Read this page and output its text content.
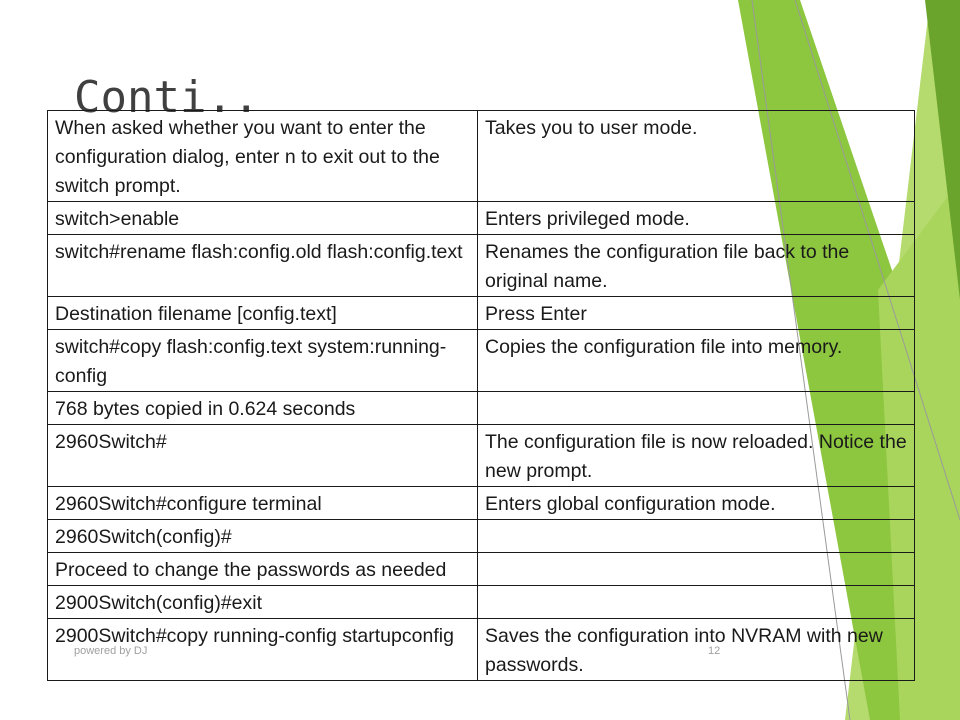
Conti..
When asked whether you want to enter the
configuration dialog, enter n to exit out to the switch prompt.	Takes you to user mode.
switch>enable	Enters privileged mode.
switch#rename flash:config.old flash:config.text	Renames the configuration file back to the original name.
Destination filename [config.text]	Press Enter
switch#copy flash:config.text system:running-config	Copies the configuration file into memory.
768 bytes copied in 0.624 seconds	
2960Switch#	The configuration file is now reloaded. Notice the new prompt.
2960Switch#configure terminal	Enters global configuration mode.
2960Switch(config)#	
Proceed to change the passwords as needed	
2900Switch(config)#exit	
2900Switch#copy running-config startupconfig	Saves the configuration into NVRAM with new passwords.
powered by DJ	12
